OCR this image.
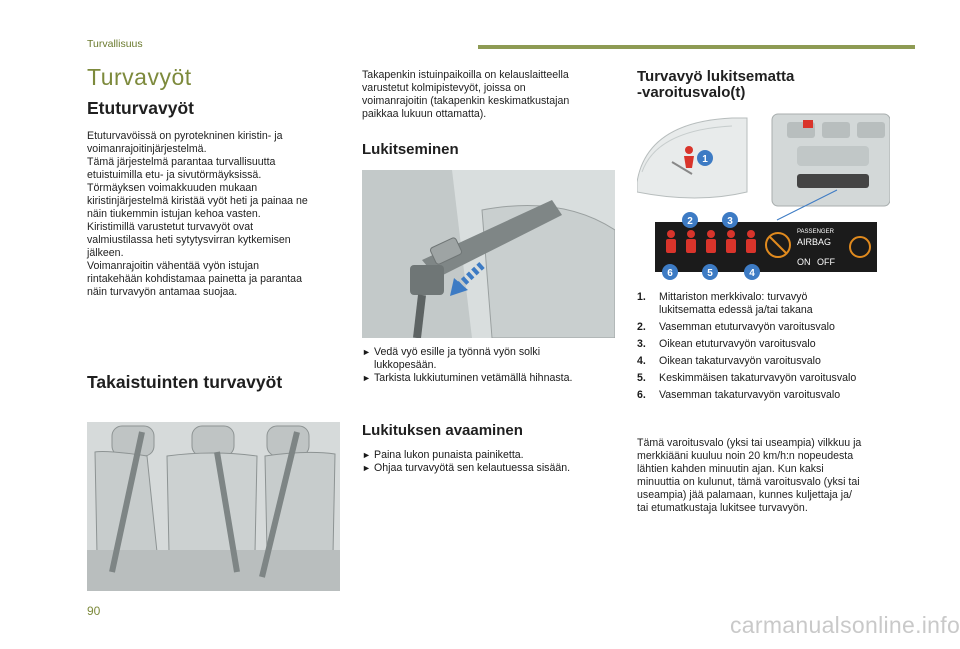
Turvallisuus
Turvavyöt
Etuturvavyöt
Etuturvavöissä on pyrotekninen kiristin- ja
voimanrajoitinjärjestelmä.
Tämä järjestelmä parantaa turvallisuutta
etuistuimilla etu- ja sivutörmäyksissä.
Törmäyksen voimakkuuden mukaan
kiristinjärjestelmä kiristää vyöt heti ja painaa ne
näin tiukemmin istujan kehoa vasten.
Kiristimillä varustetut turvavyöt ovat
valmiustilassa heti sytytysvirran kytkemisen
jälkeen.
Voimanrajoitin vähentää vyön istujan
rintakehään kohdistamaa painetta ja parantaa
näin turvavyön antamaa suojaa.
Takaistuinten turvavyöt
Takapenkin istuinpaikoilla on kelauslaitteella
varustetut kolmipistevyöt, joissa on
voimanrajoitin (takapenkin keskimatkustajan
paikkaa lukuun ottamatta).
Lukitseminen
► Vedä vyö esille ja työnnä vyön solki
lukkopesään.
► Tarkista lukkiutuminen vetämällä hihnasta.
Lukituksen avaaminen
► Paina lukon punaista painiketta.
► Ohjaa turvavyötä sen kelautuessa sisään.
Turvavyö lukitsematta
-varoitusvalo(t)
PASSENGER
AIRBAG
ON OFF
1
2	3
4
5
6
1. Mittariston merkkivalo: turvavyö
lukitsematta edessä ja/tai takana
2. Vasemman etuturvavyön varoitusvalo
3. Oikean etuturvavyön varoitusvalo
4. Oikean takaturvavyön varoitusvalo
5. Keskimmäisen takaturvavyön varoitusvalo
6. Vasemman takaturvavyön varoitusvalo
Tämä varoitusvalo (yksi tai useampia) vilkkuu ja
merkkiääni kuuluu noin 20 km/h:n nopeudesta
lähtien kahden minuutin ajan. Kun kaksi
minuuttia on kulunut, tämä varoitusvalo (yksi tai
useampia) jää palamaan, kunnes kuljettaja ja/
tai etumatkustaja lukitsee turvavyön.
90
carmanualsonline.info
